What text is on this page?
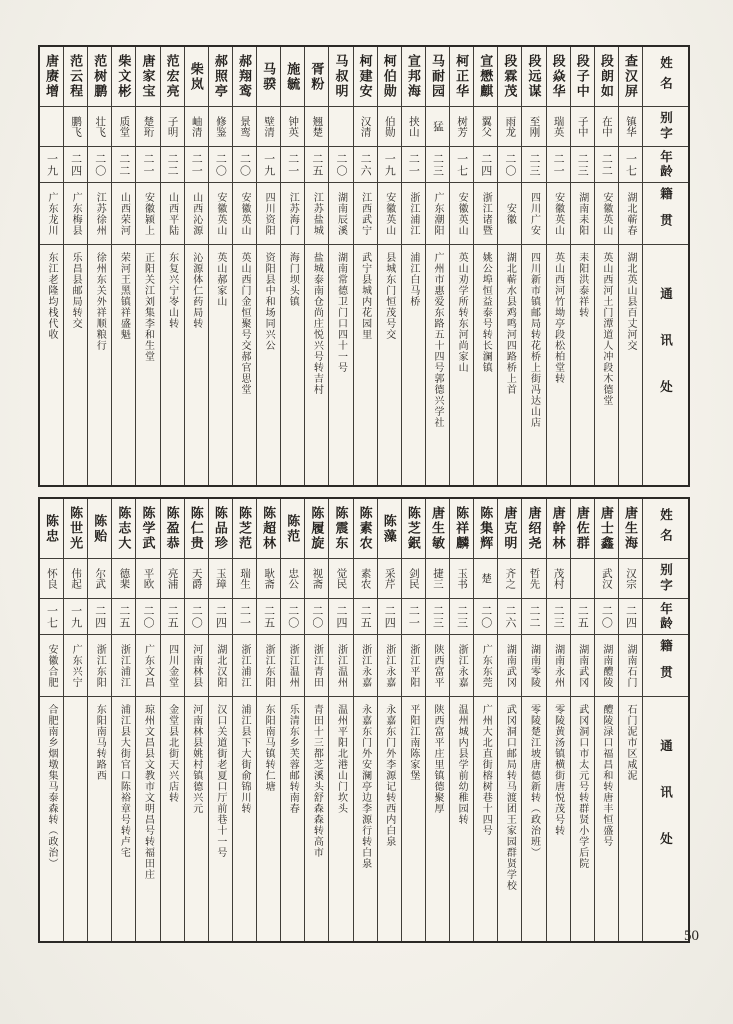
姓名
别字
年龄
籍贯
通讯处
查汉屏
镇华
一七
湖北蕲春
湖北英山县百丈河交
段朗如
在中
二二
安徽英山
英山西河土门潭道人冲段木德堂
段子中
子中
二三
湖南耒阳
耒阳洪泰祥转
段焱华
瑞英
二一
安徽英山
英山西河竹坳亭段松柏堂转
段远谋
至刚
二三
四川广安
四川新市镇邮局转花桥上街冯达山店
段霖茂
雨龙
二〇
安徽
湖北蕲水县鸡鸣河四路桥上首
宣懋麒
翼父
二四
浙江诸暨
姚公埠恒益泰号转长澜镇
柯正华
树芳
一七
安徽英山
英山劝学所转东河尚家山
马耐园
猛
二三
广东潮阳
广州市惠爱东路五十四号郭德兴学社
宣邦海
挟山
二一
浙江浦江
浦江白马桥
柯伯勋
伯勋
一九
安徽英山
县城东门恒茂号交
柯建安
汉清
二六
江西武宁
武宁县城内花园里
马叔明
二〇
湖南辰溪
湖南常德卫门口四十一号
胥粉
翘楚
二五
江苏盐城
盐城泰南仓尚庄悦兴号转吉村
施毓
钟英
二一
江苏海门
海门坝头镇
马骙
壁清
一九
四川资阳
资阳县中和场同兴公
郝翔鸾
景鸾
二〇
安徽英山
英山西门金恒聚号交郝官思堂
郝照亭
修鉴
二〇
安徽英山
英山郝家山
柴岚
岫清
二一
山西沁源
沁源体仁药局转
范宏亮
子明
二二
山西平陆
东复兴宁岺山转
唐家宝
楚珩
二一
安徽颍上
正阳关江刘集李和生堂
柴文彬
质堂
二二
山西荣河
荣河王黑镇祥盛魁
范树鹏
壮飞
二〇
江苏徐州
徐州东关外祥顺粮行
范云程
鹏飞
二四
广东梅县
乐昌县邮局转交
唐赓增
一九
广东龙川
东江老隆均栈代收
姓名
别字
年龄
籍贯
通讯处
唐生海
汉宗
二四
湖南石门
石门泥市区咸泥
唐士鑫
武汉
二〇
湖南醴陵
醴陵渌口福昌和转唐丰恒盛号
唐佐群
二五
湖南武冈
武冈洞口市太元号转群贤小学后院
唐幹林
茂村
二三
湖南永州
零陵黄汤镇横街唐悦茂号转
唐绍尧
哲先
二二
湖南零陵
零陵楚江坡唐德新转（政治班）
唐克明
齐之
二六
湖南武冈
武冈洞口邮局转马渡团王家园群贤学校
陈集辉
楚
二〇
广东东莞
广州大北直街榕树巷十四号
陈祥麟
玉书
二三
浙江永嘉
温州城内县学前幼稚园转
唐生敏
捷三
二三
陕西富平
陕西富平庄里镇德聚厚
陈芝鈱
剑民
二一
浙江平阳
平阳江南陈家堡
陈藻
采芹
二四
浙江永嘉
永嘉东门外李源记转西内白泉
陈素农
素农
二五
浙江永嘉
永嘉东门外安澜亭边李源行转白泉
陈震东
觉民
二四
浙江温州
温州平阳北港山门坎头
陈履旋
视斋
二〇
浙江青田
青田十三都芝溪头舒森森转高市
陈范
忠公
二〇
浙江温州
乐清东乡芙蓉邮转南春
陈超林
耿斋
二五
浙江东阳
东阳南马镇转仁塘
陈芝范
瑞生
二一
浙江浦江
浦江县下大街俞锦川转
陈品珍
玉璋
二四
湖北汉阳
汉口关道街老夏口厅前巷十一号
陈仁贵
天爵
二〇
河南林县
河南林县姚村镇德兴元
陈盈恭
亮浦
二五
四川金堂
金堂县北街天兴店转
陈学武
平欧
二〇
广东文昌
琼州文昌县文教市文明昌号转福田庄
陈志大
德棐
二五
浙江浦江
浦江县大街官口陈裕章号转卢宅
陈贻
尔武
二四
浙江东阳
东阳南马转路西
陈世光
伟起
一九
广东兴宁
陈忠
怀良
一七
安徽合肥
合肥南乡烟墩集马泰森转（政治）
50
